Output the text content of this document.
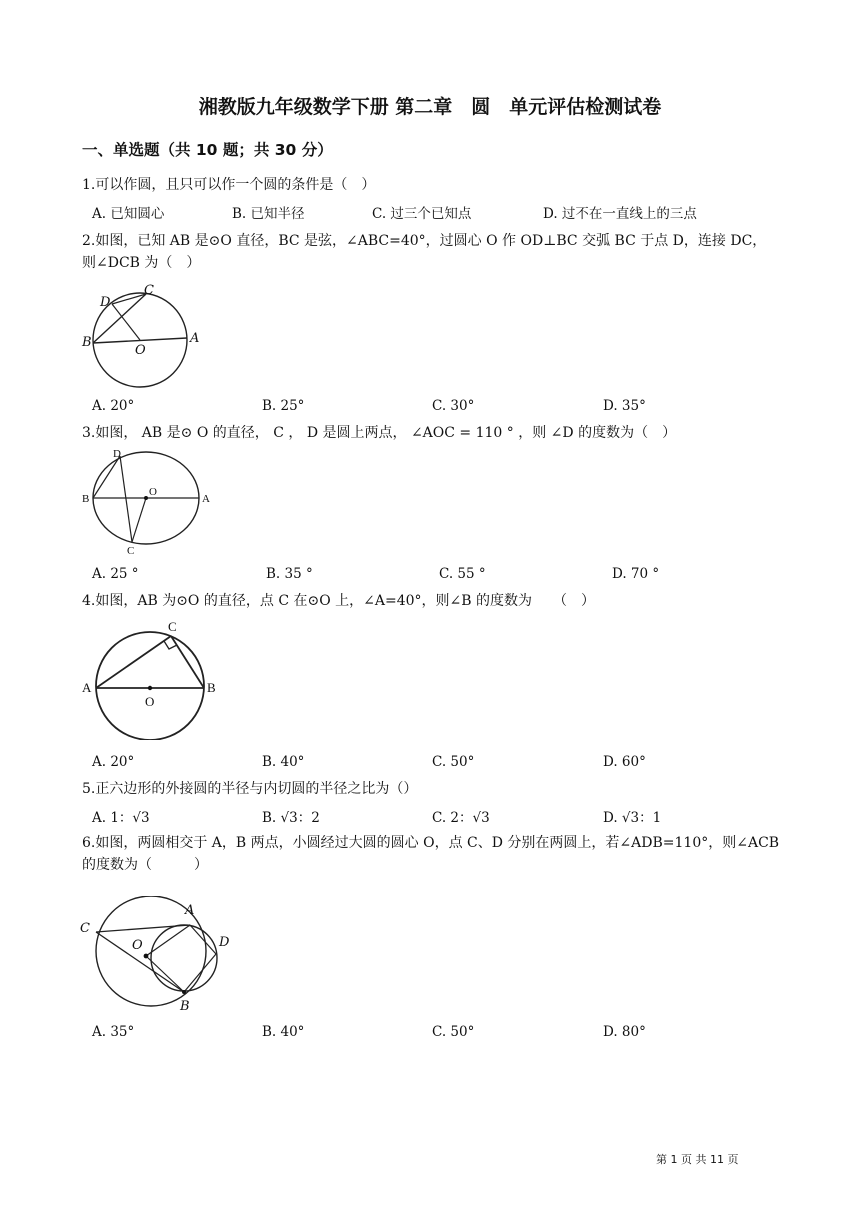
湘教版九年级数学下册 第二章　圆　单元评估检测试卷
一、单选题（共 10 题；共 30 分）
1.可以作圆，且只可以作一个圆的条件是（　）
A. 已知圆心	B. 已知半径	C. 过三个已知点	D. 过不在一直线上的三点
2.如图，已知 AB 是⊙O 直径，BC 是弦，∠ABC=40°，过圆心 O 作 OD⊥BC 交弧 BC 于点 D，连接 DC，则∠DCB 为（　）
D
C
B
O
A
A. 20°	B. 25°	C. 30°	D. 35°
3.如图， AB 是⊙ O 的直径， C ， D 是圆上两点， ∠AOC = 110 ° ，则 ∠D 的度数为（　）
D
B
O
A
C
A. 25 °	B. 35 °	C. 55 °	D. 70 °
4.如图，AB 为⊙O 的直径，点 C 在⊙O 上，∠A=40°，则∠B 的度数为　　（　）
C
A	B
O
A. 20°	B. 40°	C. 50°	D. 60°
5.正六边形的外接圆的半径与内切圆的半径之比为（）
A. 1：√3	B. √3：2	C. 2：√3	D. √3：1
6.如图，两圆相交于 A，B 两点，小圆经过大圆的圆心 O，点 C、D 分别在两圆上，若∠ADB=110°，则∠ACB 的度数为（　　　）
C
A
O	D
B
A. 35°	B. 40°	C. 50°	D. 80°
第 1 页 共 11 页
